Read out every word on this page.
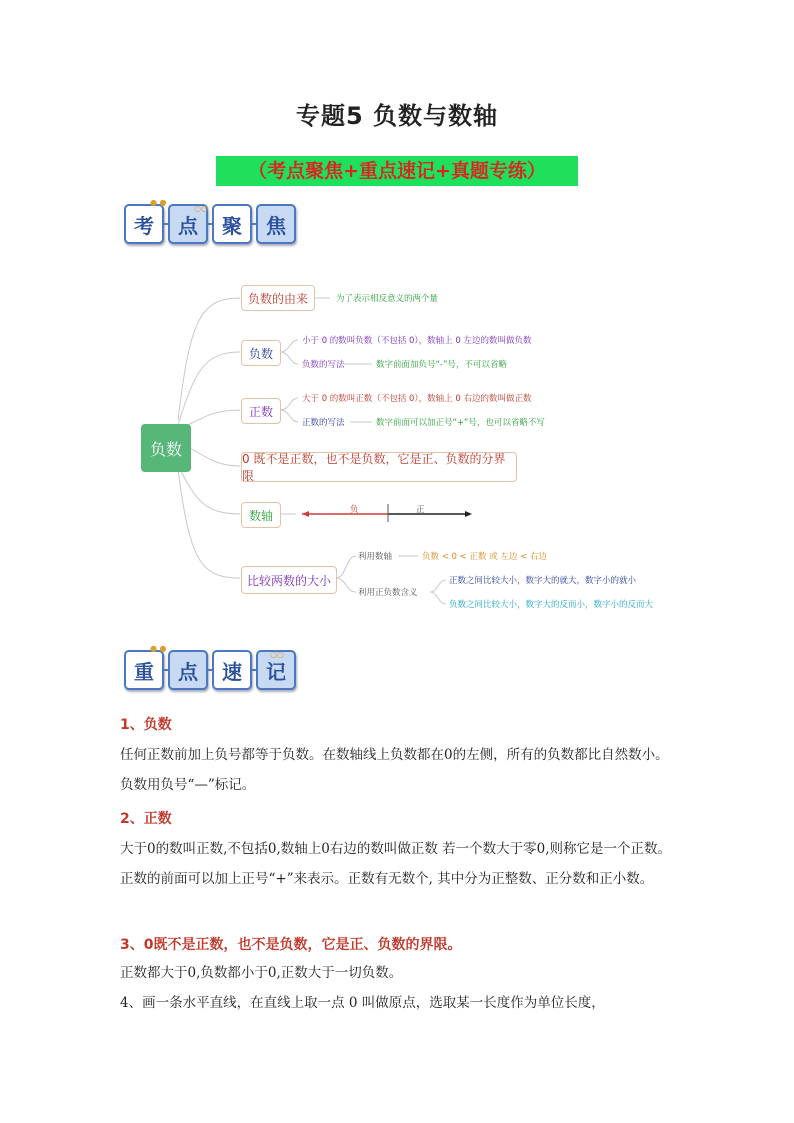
专题5 负数与数轴
（考点聚焦+重点速记+真题专练）
考	点	聚	焦
● ●
○○
负数
负数的由来	为了表示相反意义的两个量
负数
小于 0 的数叫负数（不包括 0），数轴上 0 左边的数叫做负数
负数的写法	数字前面加负号“-”号，不可以省略
正数
大于 0 的数叫正数（不包括 0），数轴上 0 右边的数叫做正数
正数的写法	数字前面可以加正号“+”号，也可以省略不写
0 既不是正数，也不是负数，它是正、负数的分界限
数轴	负	正
比较两数的大小
利用数轴	负数 < 0 < 正数 或 左边 < 右边
利用正负数含义
正数之间比较大小，数字大的就大，数字小的就小
负数之间比较大小，数字大的反而小，数字小的反而大
重	点	速	记
● ●
○○
1、负数
任何正数前加上负号都等于负数。在数轴线上负数都在0的左侧，所有的负数都比自然数小。负数用负号“—”标记。
2、正数
大于0的数叫正数,不包括0,数轴上0右边的数叫做正数 若一个数大于零0,则称它是一个正数。正数的前面可以加上正号“+”来表示。正数有无数个, 其中分为正整数、正分数和正小数。
3、0既不是正数，也不是负数，它是正、负数的界限。
正数都大于0,负数都小于0,正数大于一切负数。
4、画一条水平直线，在直线上取一点 0 叫做原点，选取某一长度作为单位长度，
